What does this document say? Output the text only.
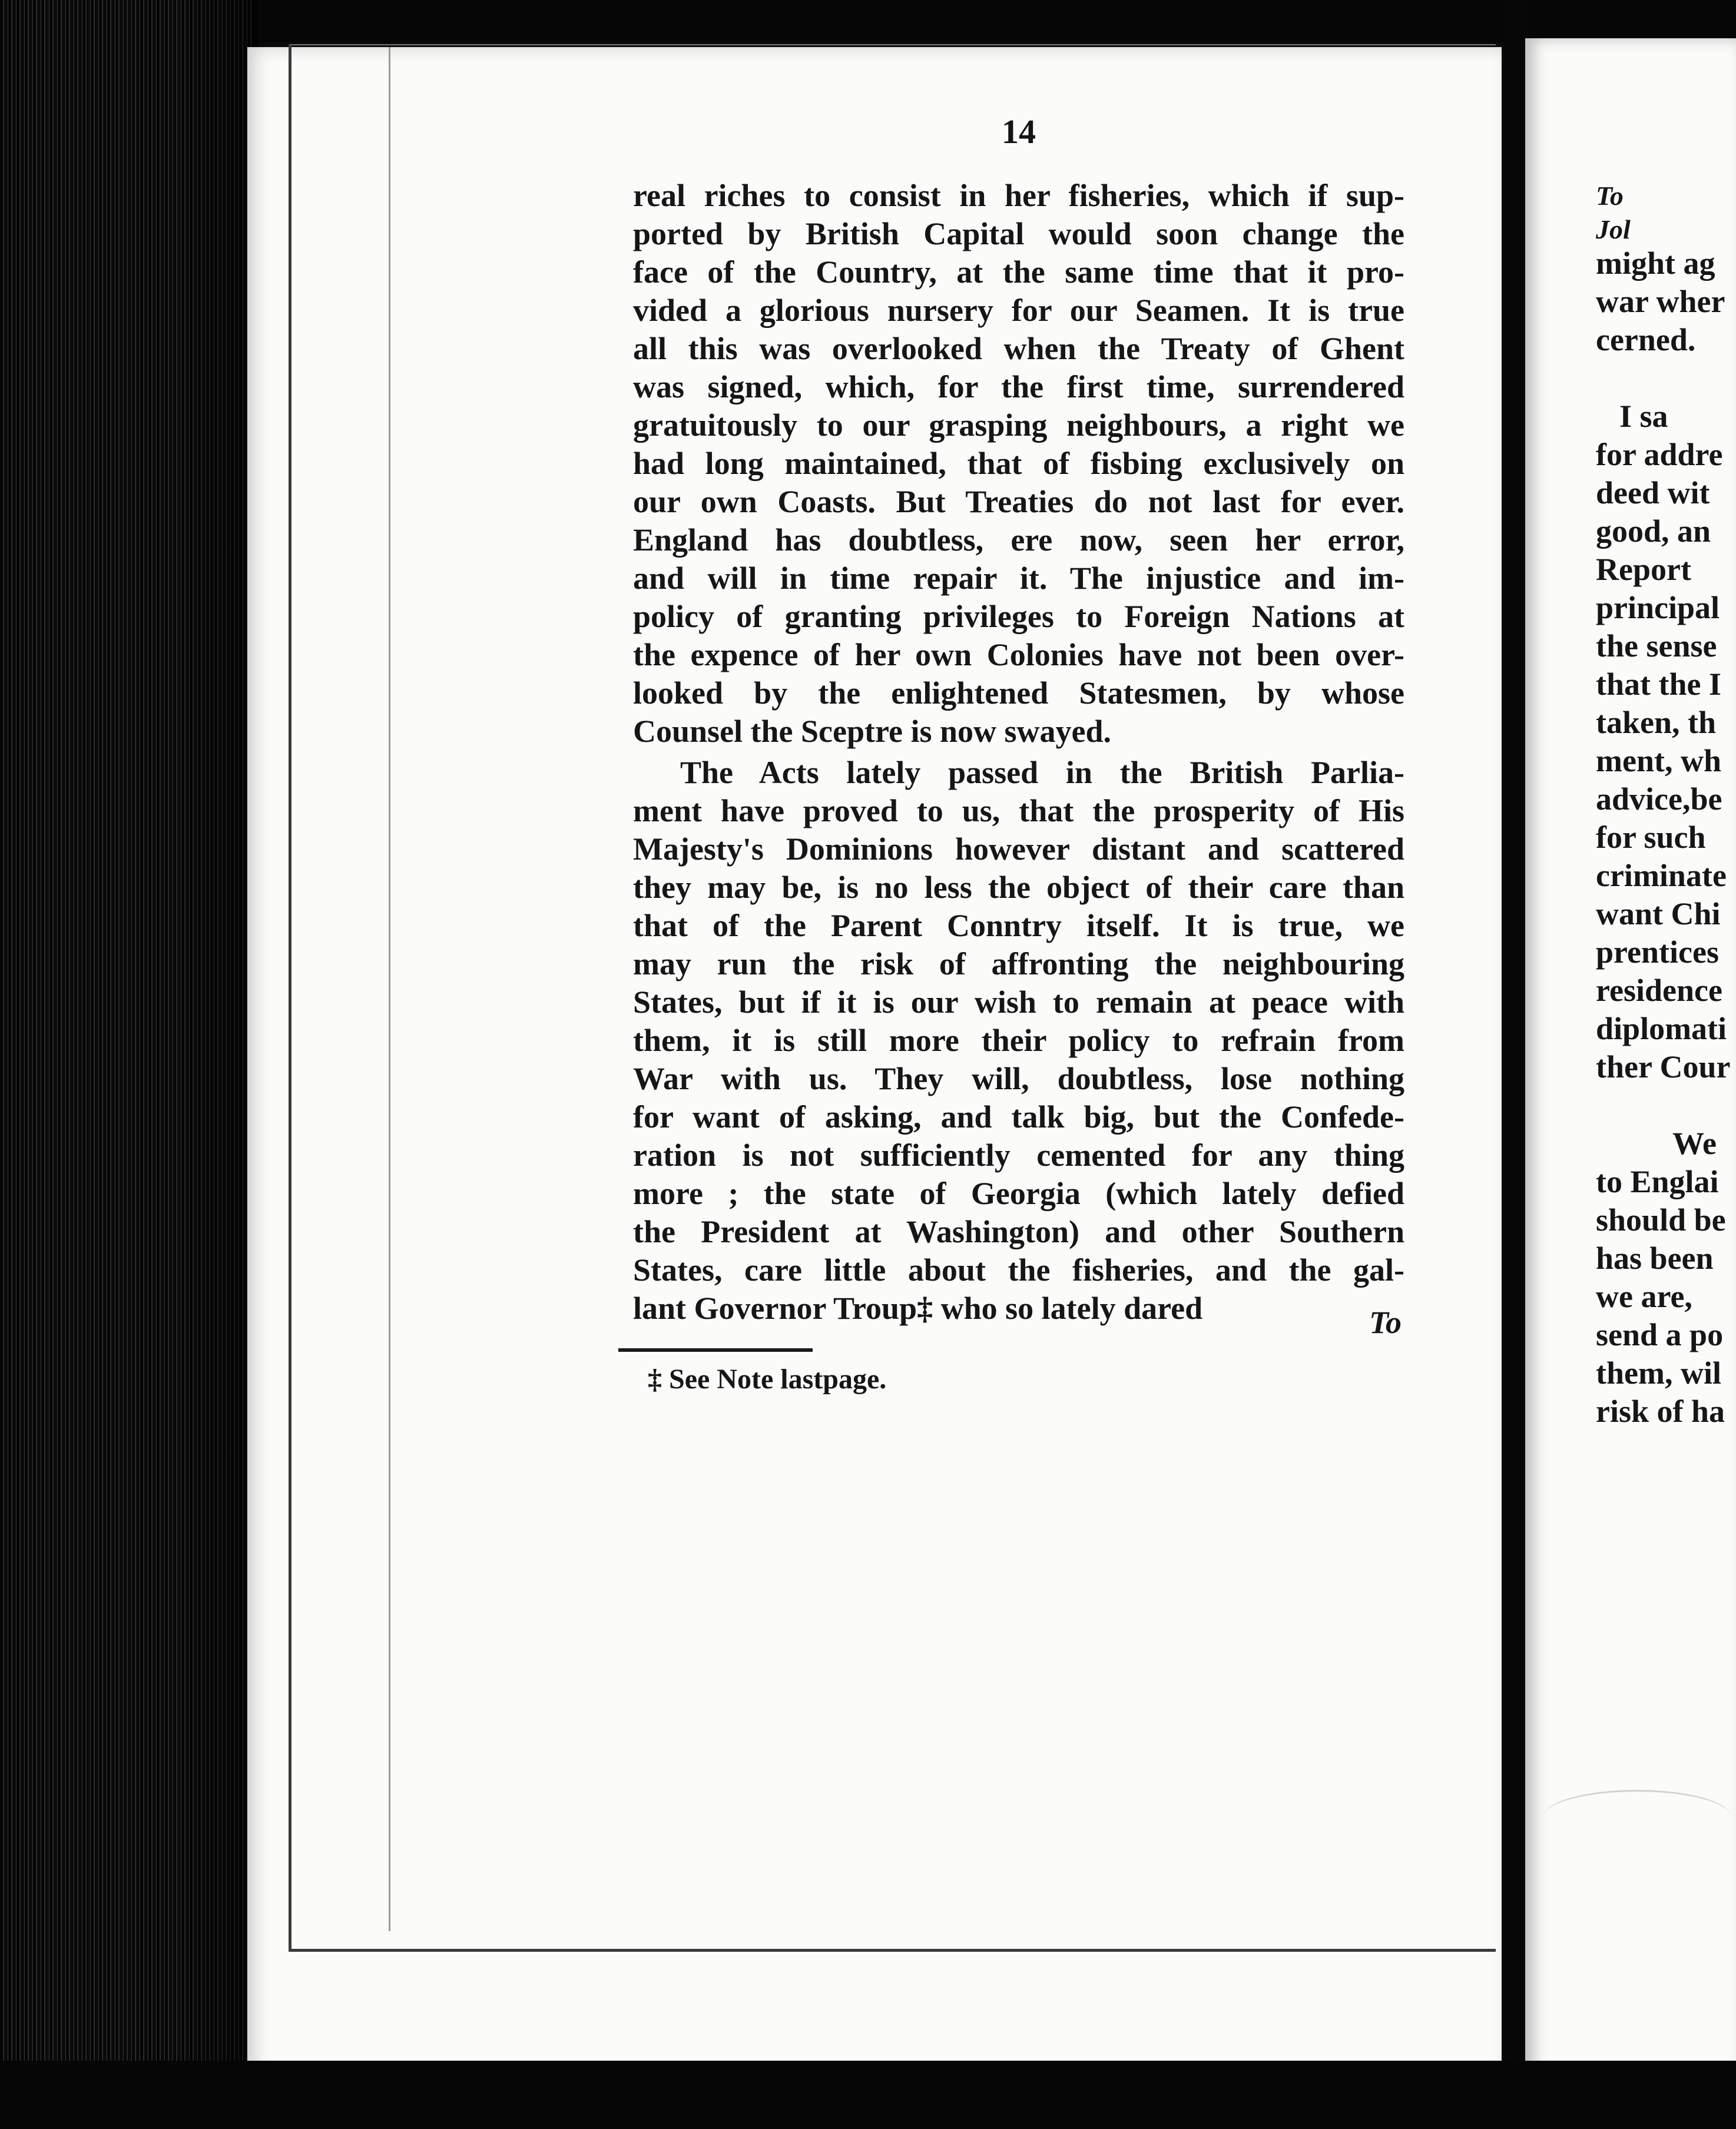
14
real riches to consist in her fisheries, which if sup-
ported by British Capital would soon change the
face of the Country, at the same time that it pro-
vided a glorious nursery for our Seamen. It is true
all this was overlooked when the Treaty of Ghent
was signed, which, for the first time, surrendered
gratuitously to our grasping neighbours, a right we
had long maintained, that of fisbing exclusively on
our own Coasts. But Treaties do not last for ever.
England has doubtless, ere now, seen her error,
and will in time repair it. The injustice and im-
policy of granting privileges to Foreign Nations at
the expence of her own Colonies have not been over-
looked by the enlightened Statesmen, by whose
Counsel the Sceptre is now swayed.
The Acts lately passed in the British Parlia-
ment have proved to us, that the prosperity of His
Majesty's Dominions however distant and scattered
they may be, is no less the object of their care than
that of the Parent Conntry itself. It is true, we
may run the risk of affronting the neighbouring
States, but if it is our wish to remain at peace with
them, it is still more their policy to refrain from
War with us. They will, doubtless, lose nothing
for want of asking, and talk big, but the Confede-
ration is not sufficiently cemented for any thing
more ; the state of Georgia (which lately defied
the President at Washington) and other Southern
States, care little about the fisheries, and the gal-
lant Governor Troup‡ who so lately dared	To
‡ See Note lastpage.
To
Jol
might ag
war wher
cerned.
I sa
for addre
deed wit
good, an
Report
principal
the sense
that the I
taken, th
ment, wh
advice,be
for such
criminate
want Chi
prentices
residence
diplomati
ther Cour
We
to Englai
should be
has been
we are,
send a po
them, wil
risk of ha
